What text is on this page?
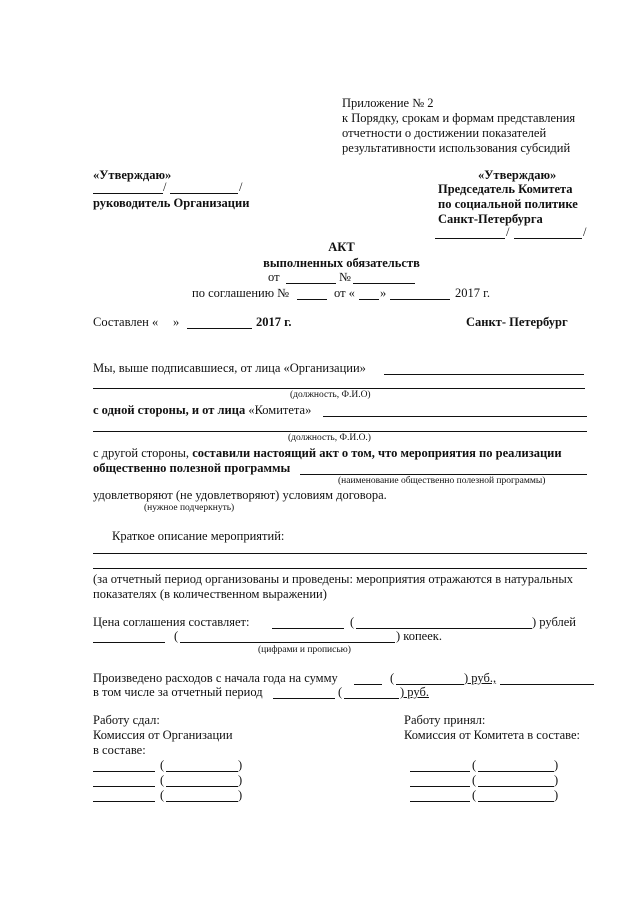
Приложение № 2
к Порядку, срокам и формам представления
отчетности о достижении показателей
результативности использования субсидий
«Утверждаю»
/	/
руководитель Организации
«Утверждаю»
Председатель Комитета
по социальной политике
Санкт-Петербурга
/	/
АКТ
выполненных обязательств
от	№
по соглашению №	от « »	2017 г.
Составлен « »	2017 г.	Санкт- Петербург
Мы, выше подписавшиеся, от лица «Организации»
(должность, Ф.И.О)
с одной стороны, и от лица «Комитета»
(должность, Ф.И.О.)
с другой стороны, составили настоящий акт о том, что мероприятия по реализации
общественно полезной программы
(наименование общественно полезной программы)
удовлетворяют (не удовлетворяют) условиям договора.
(нужное подчеркнуть)
Краткое описание мероприятий:
(за отчетный период организованы и проведены: мероприятия отражаются в натуральных
показателях (в количественном выражении)
Цена соглашения составляет:	(	) рублей
(	) копеек.
(цифрами и прописью)
Произведено расходов с начала года на сумму	(	) руб.,
в том числе за отчетный период	(	) руб.
Работу сдал:
Комиссия от Организации
в составе:
Работу принял:
Комиссия от Комитета в составе:
(	)
(	)
(	)
(	)
(	)
(	)
